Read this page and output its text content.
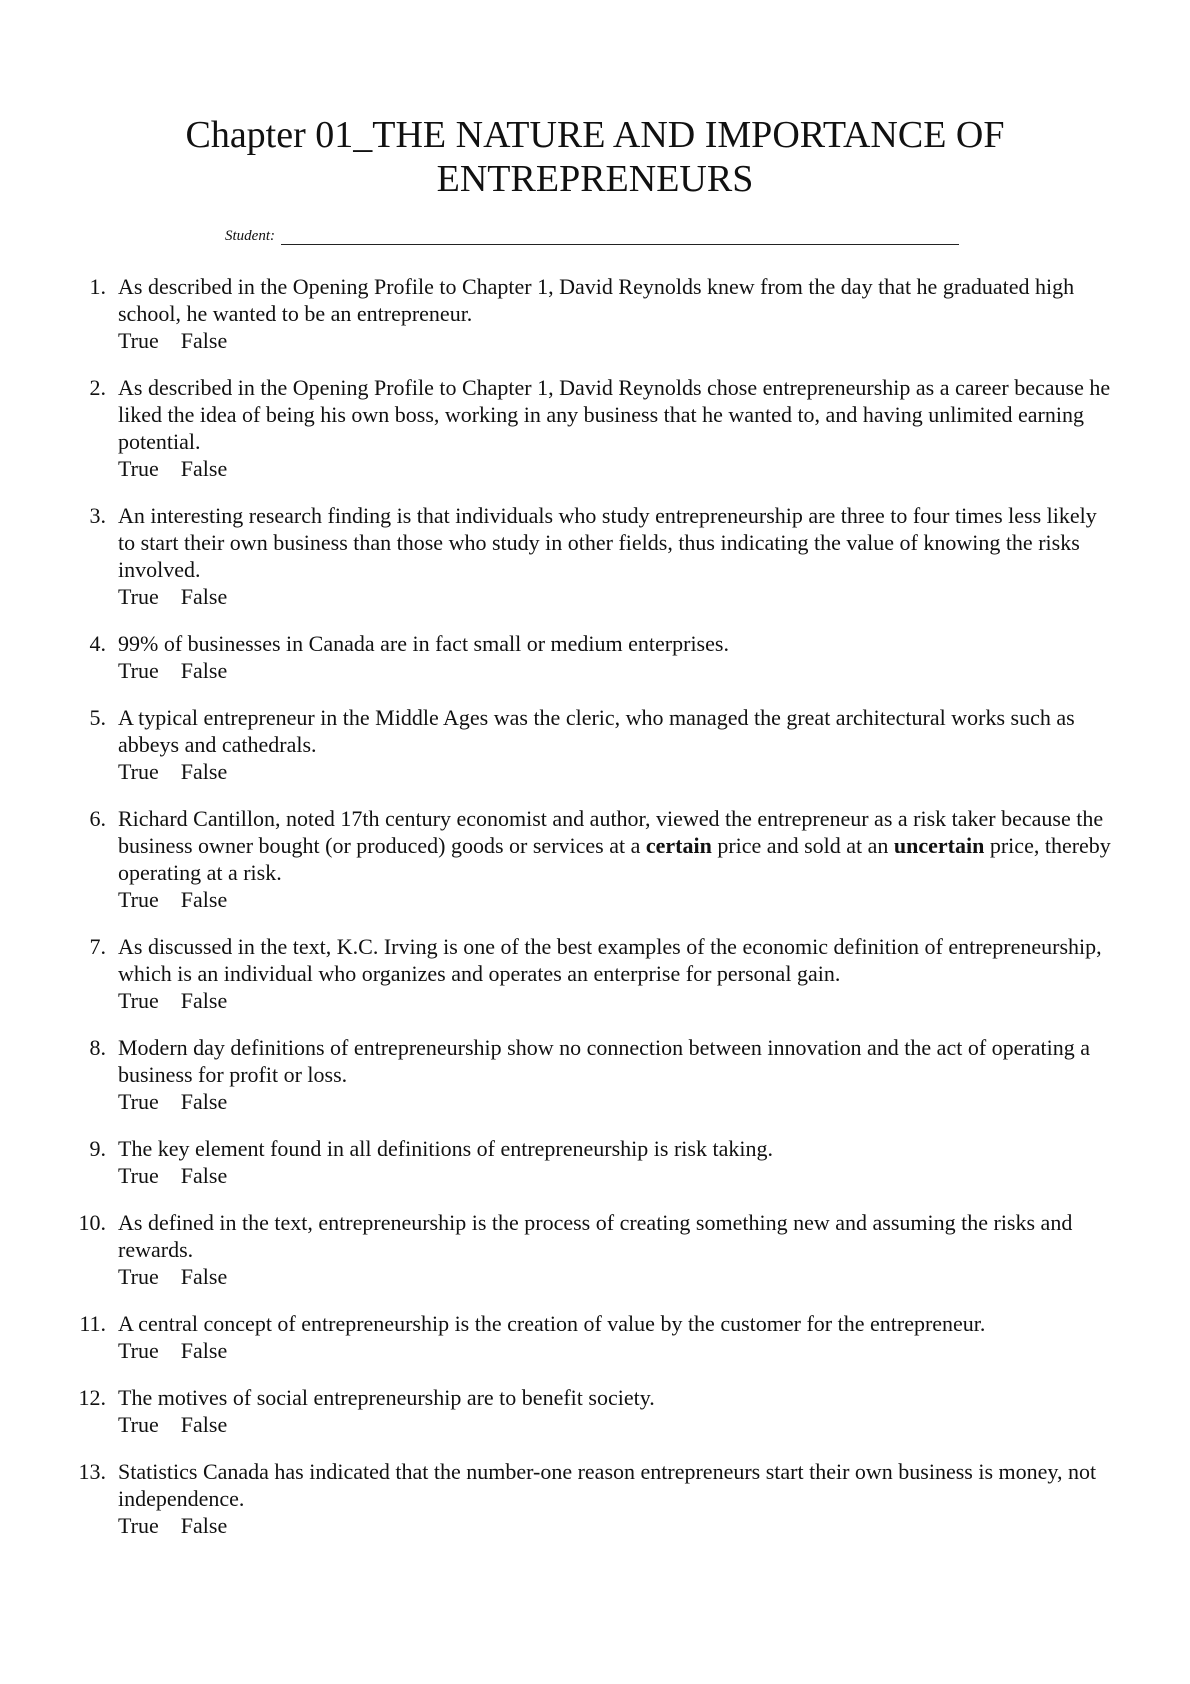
Chapter 01_THE NATURE AND IMPORTANCE OF
ENTREPRENEURS
Student:
1. As described in the Opening Profile to Chapter 1, David Reynolds knew from the day that he graduated high school, he wanted to be an entrepreneur.
True False
2. As described in the Opening Profile to Chapter 1, David Reynolds chose entrepreneurship as a career because he liked the idea of being his own boss, working in any business that he wanted to, and having unlimited earning potential.
True False
3. An interesting research finding is that individuals who study entrepreneurship are three to four times less likely to start their own business than those who study in other fields, thus indicating the value of knowing the risks involved.
True False
4. 99% of businesses in Canada are in fact small or medium enterprises.
True False
5. A typical entrepreneur in the Middle Ages was the cleric, who managed the great architectural works such as abbeys and cathedrals.
True False
6. Richard Cantillon, noted 17th century economist and author, viewed the entrepreneur as a risk taker because the business owner bought (or produced) goods or services at a certain price and sold at an uncertain price, thereby operating at a risk.
True False
7. As discussed in the text, K.C. Irving is one of the best examples of the economic definition of entrepreneurship, which is an individual who organizes and operates an enterprise for personal gain.
True False
8. Modern day definitions of entrepreneurship show no connection between innovation and the act of operating a business for profit or loss.
True False
9. The key element found in all definitions of entrepreneurship is risk taking.
True False
10. As defined in the text, entrepreneurship is the process of creating something new and assuming the risks and rewards.
True False
11. A central concept of entrepreneurship is the creation of value by the customer for the entrepreneur.
True False
12. The motives of social entrepreneurship are to benefit society.
True False
13. Statistics Canada has indicated that the number-one reason entrepreneurs start their own business is money, not independence.
True False
